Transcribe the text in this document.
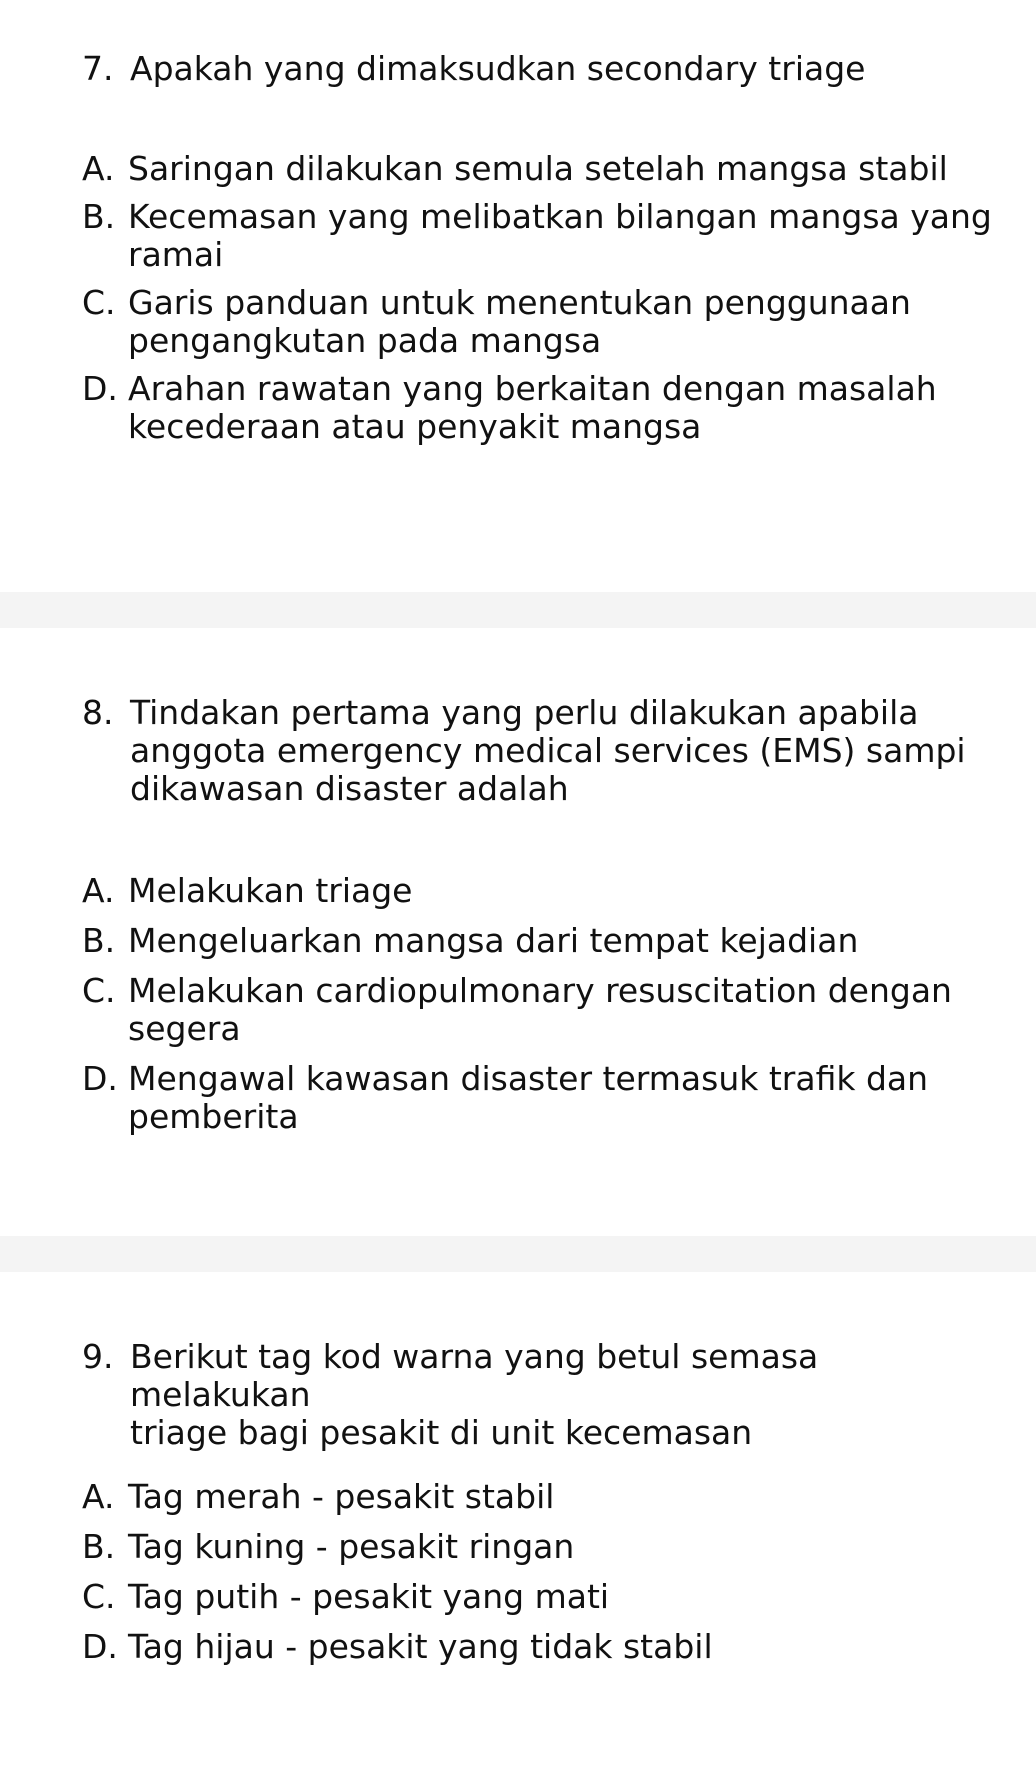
7. Apakah yang dimaksudkan secondary triage
A. Saringan dilakukan semula setelah mangsa stabil
B. Kecemasan yang melibatkan bilangan mangsa yang
ramai
C. Garis panduan untuk menentukan penggunaan
pengangkutan pada mangsa
D. Arahan rawatan yang berkaitan dengan masalah
kecederaan atau penyakit mangsa
8. Tindakan pertama yang perlu dilakukan apabila
anggota emergency medical services (EMS) sampi
dikawasan disaster adalah
A. Melakukan triage
B. Mengeluarkan mangsa dari tempat kejadian
C. Melakukan cardiopulmonary resuscitation dengan
segera
D. Mengawal kawasan disaster termasuk trafik dan
pemberita
9. Berikut tag kod warna yang betul semasa melakukan
triage bagi pesakit di unit kecemasan
A. Tag merah - pesakit stabil
B. Tag kuning - pesakit ringan
C. Tag putih - pesakit yang mati
D. Tag hijau - pesakit yang tidak stabil
